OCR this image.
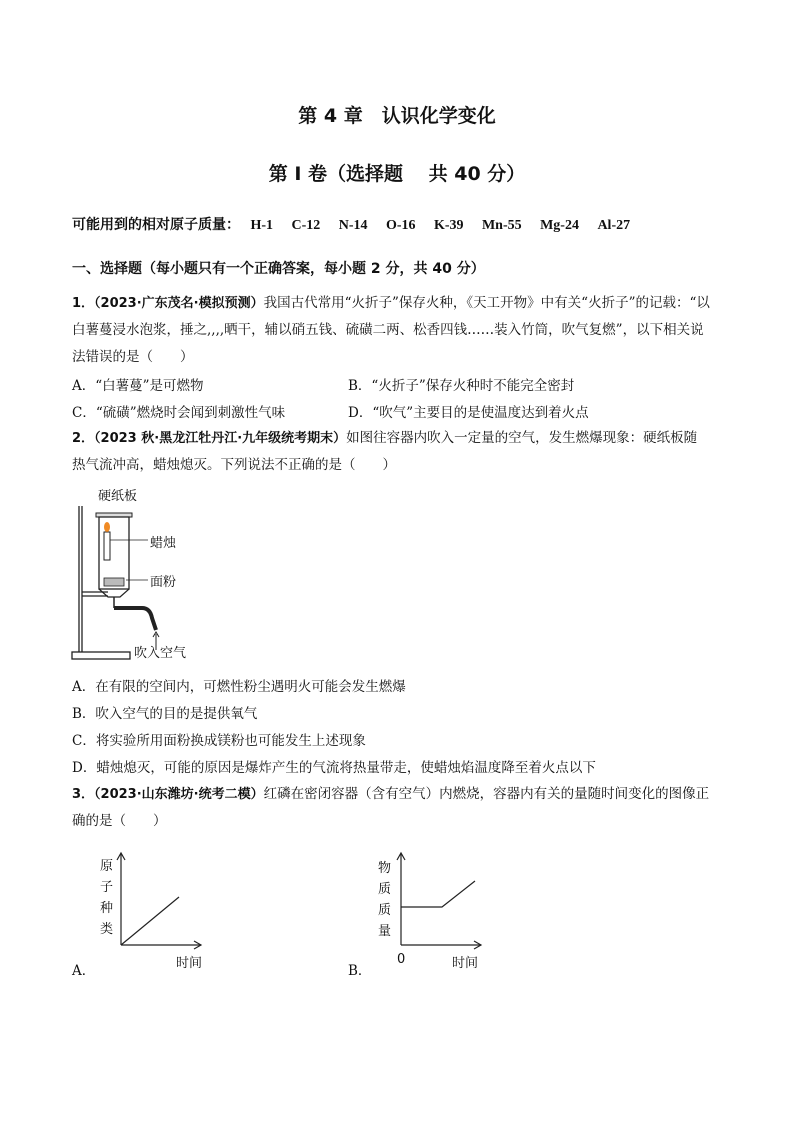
第 4 章　认识化学变化
第 I 卷（选择题　 共 40 分）
可能用到的相对原子质量： H-1 C-12 N-14 O-16 K-39 Mn-55 Mg-24 Al-27
一、选择题（每小题只有一个正确答案，每小题 2 分，共 40 分）
1．（2023·广东茂名·模拟预测）我国古代常用“火折子”保存火种，《天工开物》中有关“火折子”的记载：“以
白薯蔓浸水泡浆，捶之,,,,晒干，辅以硝五钱、硫磺二两、松香四钱……装入竹筒，吹气复燃”，以下相关说
法错误的是（　　）
A．“白薯蔓”是可燃物	B．“火折子”保存火种时不能完全密封
C．“硫磺”燃烧时会闻到刺激性气味	D．“吹气”主要目的是使温度达到着火点
2．（2023 秋·黑龙江牡丹江·九年级统考期末）如图往容器内吹入一定量的空气，发生燃爆现象：硬纸板随
热气流冲高，蜡烛熄灭。下列说法不正确的是（　　）
硬纸板
蜡烛
面粉
吹入空气
A．在有限的空间内，可燃性粉尘遇明火可能会发生燃爆
B．吹入空气的目的是提供氧气
C．将实验所用面粉换成镁粉也可能发生上述现象
D．蜡烛熄灭，可能的原因是爆炸产生的气流将热量带走，使蜡烛焰温度降至着火点以下
3．（2023·山东潍坊·统考二模）红磷在密闭容器（含有空气）内燃烧，容器内有关的量随时间变化的图像正
确的是（　　）
原
子
种
类
时间
A．
物
质
质
量
0	时间
B．
